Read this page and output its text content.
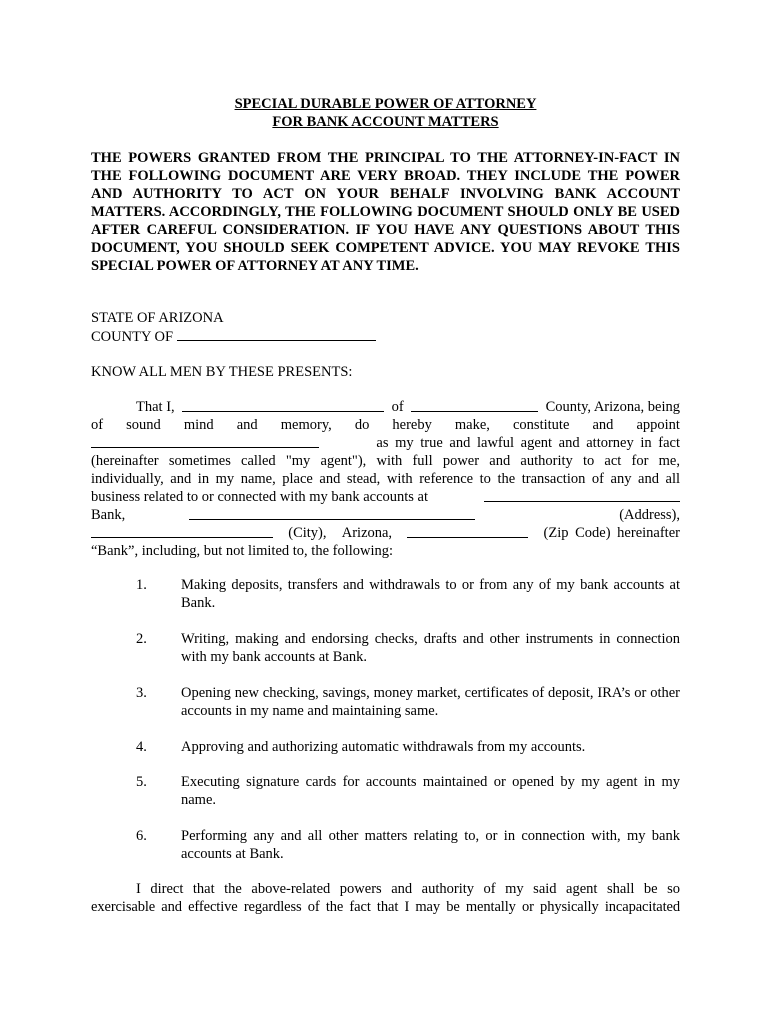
SPECIAL DURABLE POWER OF ATTORNEY
FOR BANK ACCOUNT MATTERS
THE POWERS GRANTED FROM THE PRINCIPAL TO THE ATTORNEY-IN-FACT IN THE FOLLOWING DOCUMENT ARE VERY BROAD. THEY INCLUDE THE POWER AND AUTHORITY TO ACT ON YOUR BEHALF INVOLVING BANK ACCOUNT MATTERS. ACCORDINGLY, THE FOLLOWING DOCUMENT SHOULD ONLY BE USED AFTER CAREFUL CONSIDERATION. IF YOU HAVE ANY QUESTIONS ABOUT THIS DOCUMENT, YOU SHOULD SEEK COMPETENT ADVICE. YOU MAY REVOKE THIS SPECIAL POWER OF ATTORNEY AT ANY TIME.
STATE OF ARIZONA
COUNTY OF
KNOW ALL MEN BY THESE PRESENTS:
That I,	of	County, Arizona, being
of sound mind and memory, do hereby make, constitute and appoint
as my true and lawful agent and attorney in fact
(hereinafter sometimes called "my agent"), with full power and authority to act for me,
individually, and in my name, place and stead, with reference to the transaction of any and all
business related to or connected with my bank accounts at
Bank,	(Address),
(City), Arizona,	(Zip Code) hereinafter
“Bank”, including, but not limited to, the following:
1. Making deposits, transfers and withdrawals to or from any of my bank accounts at Bank.
2. Writing, making and endorsing checks, drafts and other instruments in connection with my bank accounts at Bank.
3. Opening new checking, savings, money market, certificates of deposit, IRA’s or other accounts in my name and maintaining same.
4. Approving and authorizing automatic withdrawals from my accounts.
5. Executing signature cards for accounts maintained or opened by my agent in my name.
6. Performing any and all other matters relating to, or in connection with, my bank accounts at Bank.
I direct that the above-related powers and authority of my said agent shall be so
exercisable and effective regardless of the fact that I may be mentally or physically incapacitated
